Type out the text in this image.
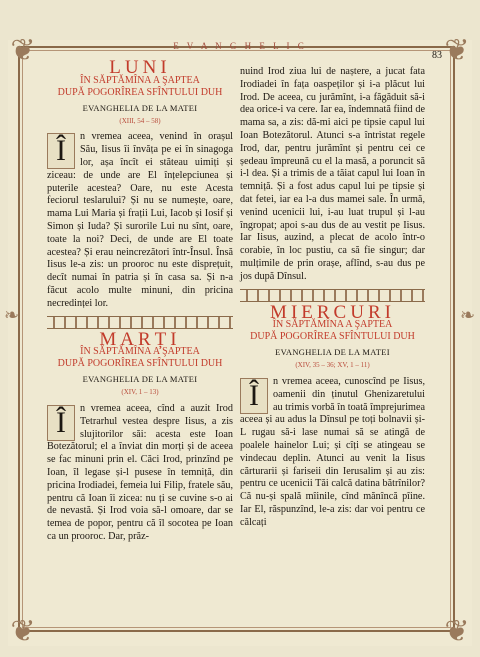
❦	❦
❦	❦
❧	❧
E V A N G H E L I C
83
LUNI
ÎN SĂPTĂMÎNA A ŞAPTEA
DUPĂ POGORÎREA SFÎNTULUI DUH
EVANGHELIA DE LA MATEI
(XIII, 54 – 58)
Î	n vremea aceea, venind în orașul Său, Iisus îi învăța pe ei în sinagoga lor, așa încît ei stăteau uimiți și ziceau: de unde are El înțelepciunea și puterile acestea? Oare, nu este Acesta feciorul teslarului? Și nu se numește, oare, mama Lui Maria și frații Lui, Iacob și Iosif și Simon și Iuda? Și surorile Lui nu sînt, oare, toate la noi? Deci, de unde are El toate acestea? Și erau neincrezători într-Însul. Însă Iisus le-a zis: un prooroc nu este disprețuit, decît numai în patria și în casa sa. Și n-a făcut acolo multe minuni, din pricina necredinței lor.
MARȚI
ÎN SĂPTĂMÎNA A ŞAPTEA
DUPĂ POGORÎREA SFÎNTULUI DUH
EVANGHELIA DE LA MATEI
(XIV, 1 – 13)
Î	n vremea aceea, cînd a auzit Irod Tetrarhul vestea despre Iisus, a zis slujitorilor săi: acesta este Ioan Botezătorul; el a înviat din morți și de aceea se fac minuni prin el. Căci Irod, prinzînd pe Ioan, îl legase și-l pusese în temniță, din pricina Irodiadei, femeia lui Filip, fratele său, pentru că Ioan îi zicea: nu ți se cuvine s-o ai de nevastă. Și Irod voia să-l omoare, dar se temea de popor, pentru că îl socotea pe Ioan ca un prooroc. Dar, prăz-
nuind Irod ziua lui de naștere, a jucat fata Irodiadei în fața oaspeților și i-a plăcut lui Irod. De aceea, cu jurămînt, i-a făgăduit să-i dea orice-i va cere. Iar ea, îndemnată fiind de mama sa, a zis: dă-mi aici pe tipsie capul lui Ioan Botezătorul. Atunci s-a întristat regele Irod, dar, pentru jurămînt și pentru cei ce ședeau împreună cu el la masă, a poruncit să i-l dea. Și a trimis de a tăiat capul lui Ioan în temniță. Și a fost adus capul lui pe tipsie și dat fetei, iar ea l-a dus mamei sale. În urmă, venind ucenicii lui, i-au luat trupul și l-au îngropat; apoi s-au dus de au vestit pe Iisus. Iar Iisus, auzind, a plecat de acolo într-o corabie, în loc pustiu, ca să fie singur; dar mulțimile de prin orașe, aflînd, s-au dus pe jos după Dînsul.
MIERCURI
ÎN SĂPTĂMÎNA A ŞAPTEA
DUPĂ POGORÎREA SFÎNTULUI DUH
EVANGHELIA DE LA MATEI
(XIV, 35 – 36; XV, 1 – 11)
Î	n vremea aceea, cunoscînd pe Iisus, oamenii din ținutul Ghenizaretului au trimis vorbă în toată împrejurimea aceea și au adus la Dînsul pe toți bolnavii și-L rugau să-i lase numai să se atingă de poalele hainelor Lui; și cîți se atingeau se vindecau deplin. Atunci au venit la Iisus cărturarii și fariseii din Ierusalim și au zis: pentru ce ucenicii Tăi calcă datina bătrînilor? Că nu-și spală mîinile, cînd mănîncă pîine. Iar El, răspunzînd, le-a zis: dar voi pentru ce călcați
